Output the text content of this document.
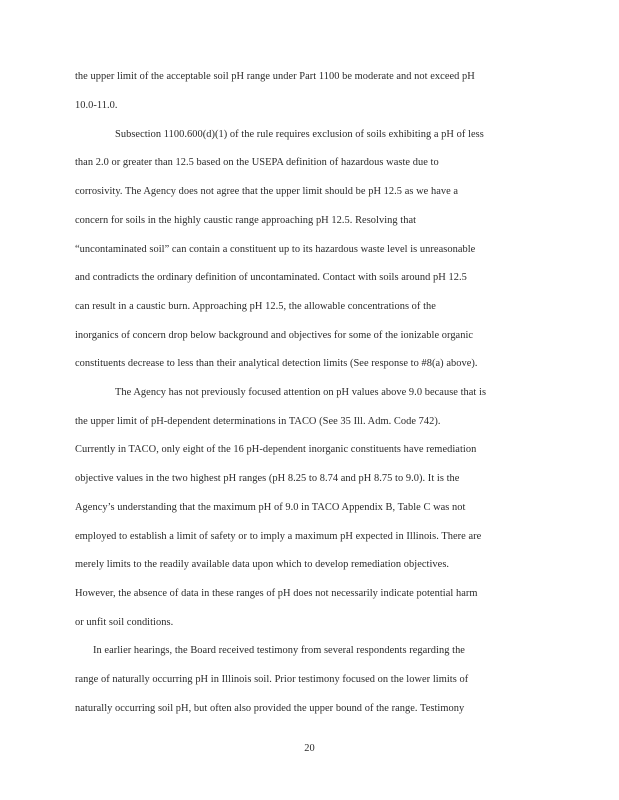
the upper limit of the acceptable soil pH range under Part 1100 be moderate and not exceed pH
10.0-11.0.
Subsection 1100.600(d)(1) of the rule requires exclusion of soils exhibiting a pH of less
than 2.0 or greater than 12.5 based on the USEPA definition of hazardous waste due to
corrosivity. The Agency does not agree that the upper limit should be pH 12.5 as we have a
concern for soils in the highly caustic range approaching pH 12.5. Resolving that
“uncontaminated soil” can contain a constituent up to its hazardous waste level is unreasonable
and contradicts the ordinary definition of uncontaminated. Contact with soils around pH 12.5
can result in a caustic burn. Approaching pH 12.5, the allowable concentrations of the
inorganics of concern drop below background and objectives for some of the ionizable organic
constituents decrease to less than their analytical detection limits (See response to #8(a) above).
The Agency has not previously focused attention on pH values above 9.0 because that is
the upper limit of pH-dependent determinations in TACO (See 35 Ill. Adm. Code 742).
Currently in TACO, only eight of the 16 pH-dependent inorganic constituents have remediation
objective values in the two highest pH ranges (pH 8.25 to 8.74 and pH 8.75 to 9.0). It is the
Agency’s understanding that the maximum pH of 9.0 in TACO Appendix B, Table C was not
employed to establish a limit of safety or to imply a maximum pH expected in Illinois. There are
merely limits to the readily available data upon which to develop remediation objectives.
However, the absence of data in these ranges of pH does not necessarily indicate potential harm
or unfit soil conditions.
In earlier hearings, the Board received testimony from several respondents regarding the
range of naturally occurring pH in Illinois soil. Prior testimony focused on the lower limits of
naturally occurring soil pH, but often also provided the upper bound of the range. Testimony
20
